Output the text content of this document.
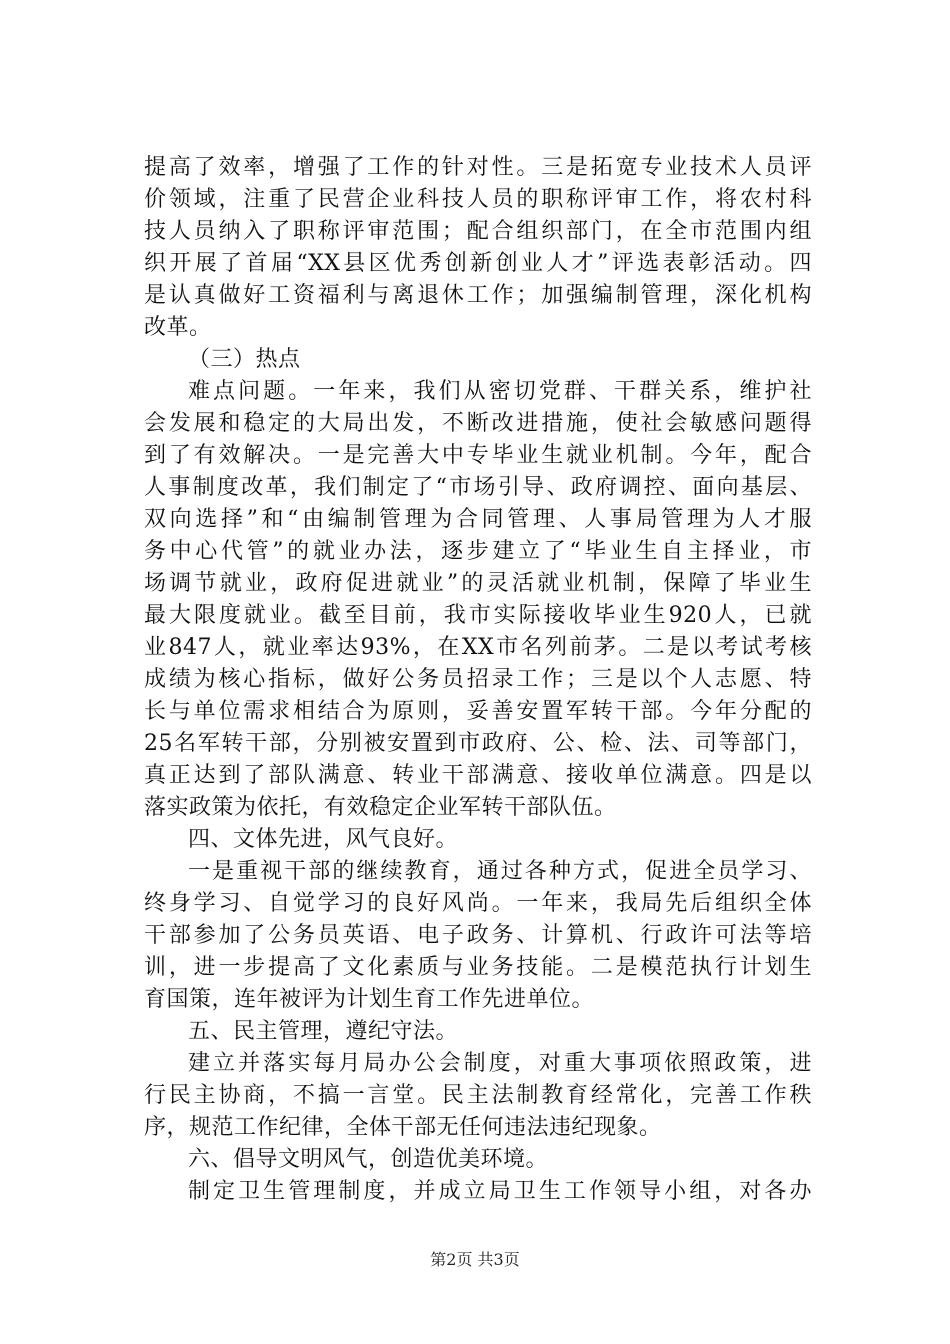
提高了效率，增强了工作的针对性。三是拓宽专业技术人员评
价领域，注重了民营企业科技人员的职称评审工作，将农村科
技人员纳入了职称评审范围；配合组织部门，在全市范围内组
织开展了首届“XX县区优秀创新创业人才”评选表彰活动。四
是认真做好工资福利与离退休工作；加强编制管理，深化机构
改革。
（三）热点
难点问题。一年来，我们从密切党群、干群关系，维护社
会发展和稳定的大局出发，不断改进措施，使社会敏感问题得
到了有效解决。一是完善大中专毕业生就业机制。今年，配合
人事制度改革，我们制定了“市场引导、政府调控、面向基层、
双向选择”和“由编制管理为合同管理、人事局管理为人才服
务中心代管”的就业办法，逐步建立了“毕业生自主择业，市
场调节就业，政府促进就业”的灵活就业机制，保障了毕业生
最大限度就业。截至目前，我市实际接收毕业生920人，已就
业847人，就业率达93%，在XX市名列前茅。二是以考试考核
成绩为核心指标，做好公务员招录工作；三是以个人志愿、特
长与单位需求相结合为原则，妥善安置军转干部。今年分配的
25名军转干部，分别被安置到市政府、公、检、法、司等部门，
真正达到了部队满意、转业干部满意、接收单位满意。四是以
落实政策为依托，有效稳定企业军转干部队伍。
四、文体先进，风气良好。
一是重视干部的继续教育，通过各种方式，促进全员学习、
终身学习、自觉学习的良好风尚。一年来，我局先后组织全体
干部参加了公务员英语、电子政务、计算机、行政许可法等培
训，进一步提高了文化素质与业务技能。二是模范执行计划生
育国策，连年被评为计划生育工作先进单位。
五、民主管理，遵纪守法。
建立并落实每月局办公会制度，对重大事项依照政策，进
行民主协商，不搞一言堂。民主法制教育经常化，完善工作秩
序，规范工作纪律，全体干部无任何违法违纪现象。
六、倡导文明风气，创造优美环境。
制定卫生管理制度，并成立局卫生工作领导小组，对各办
第2页 共3页
